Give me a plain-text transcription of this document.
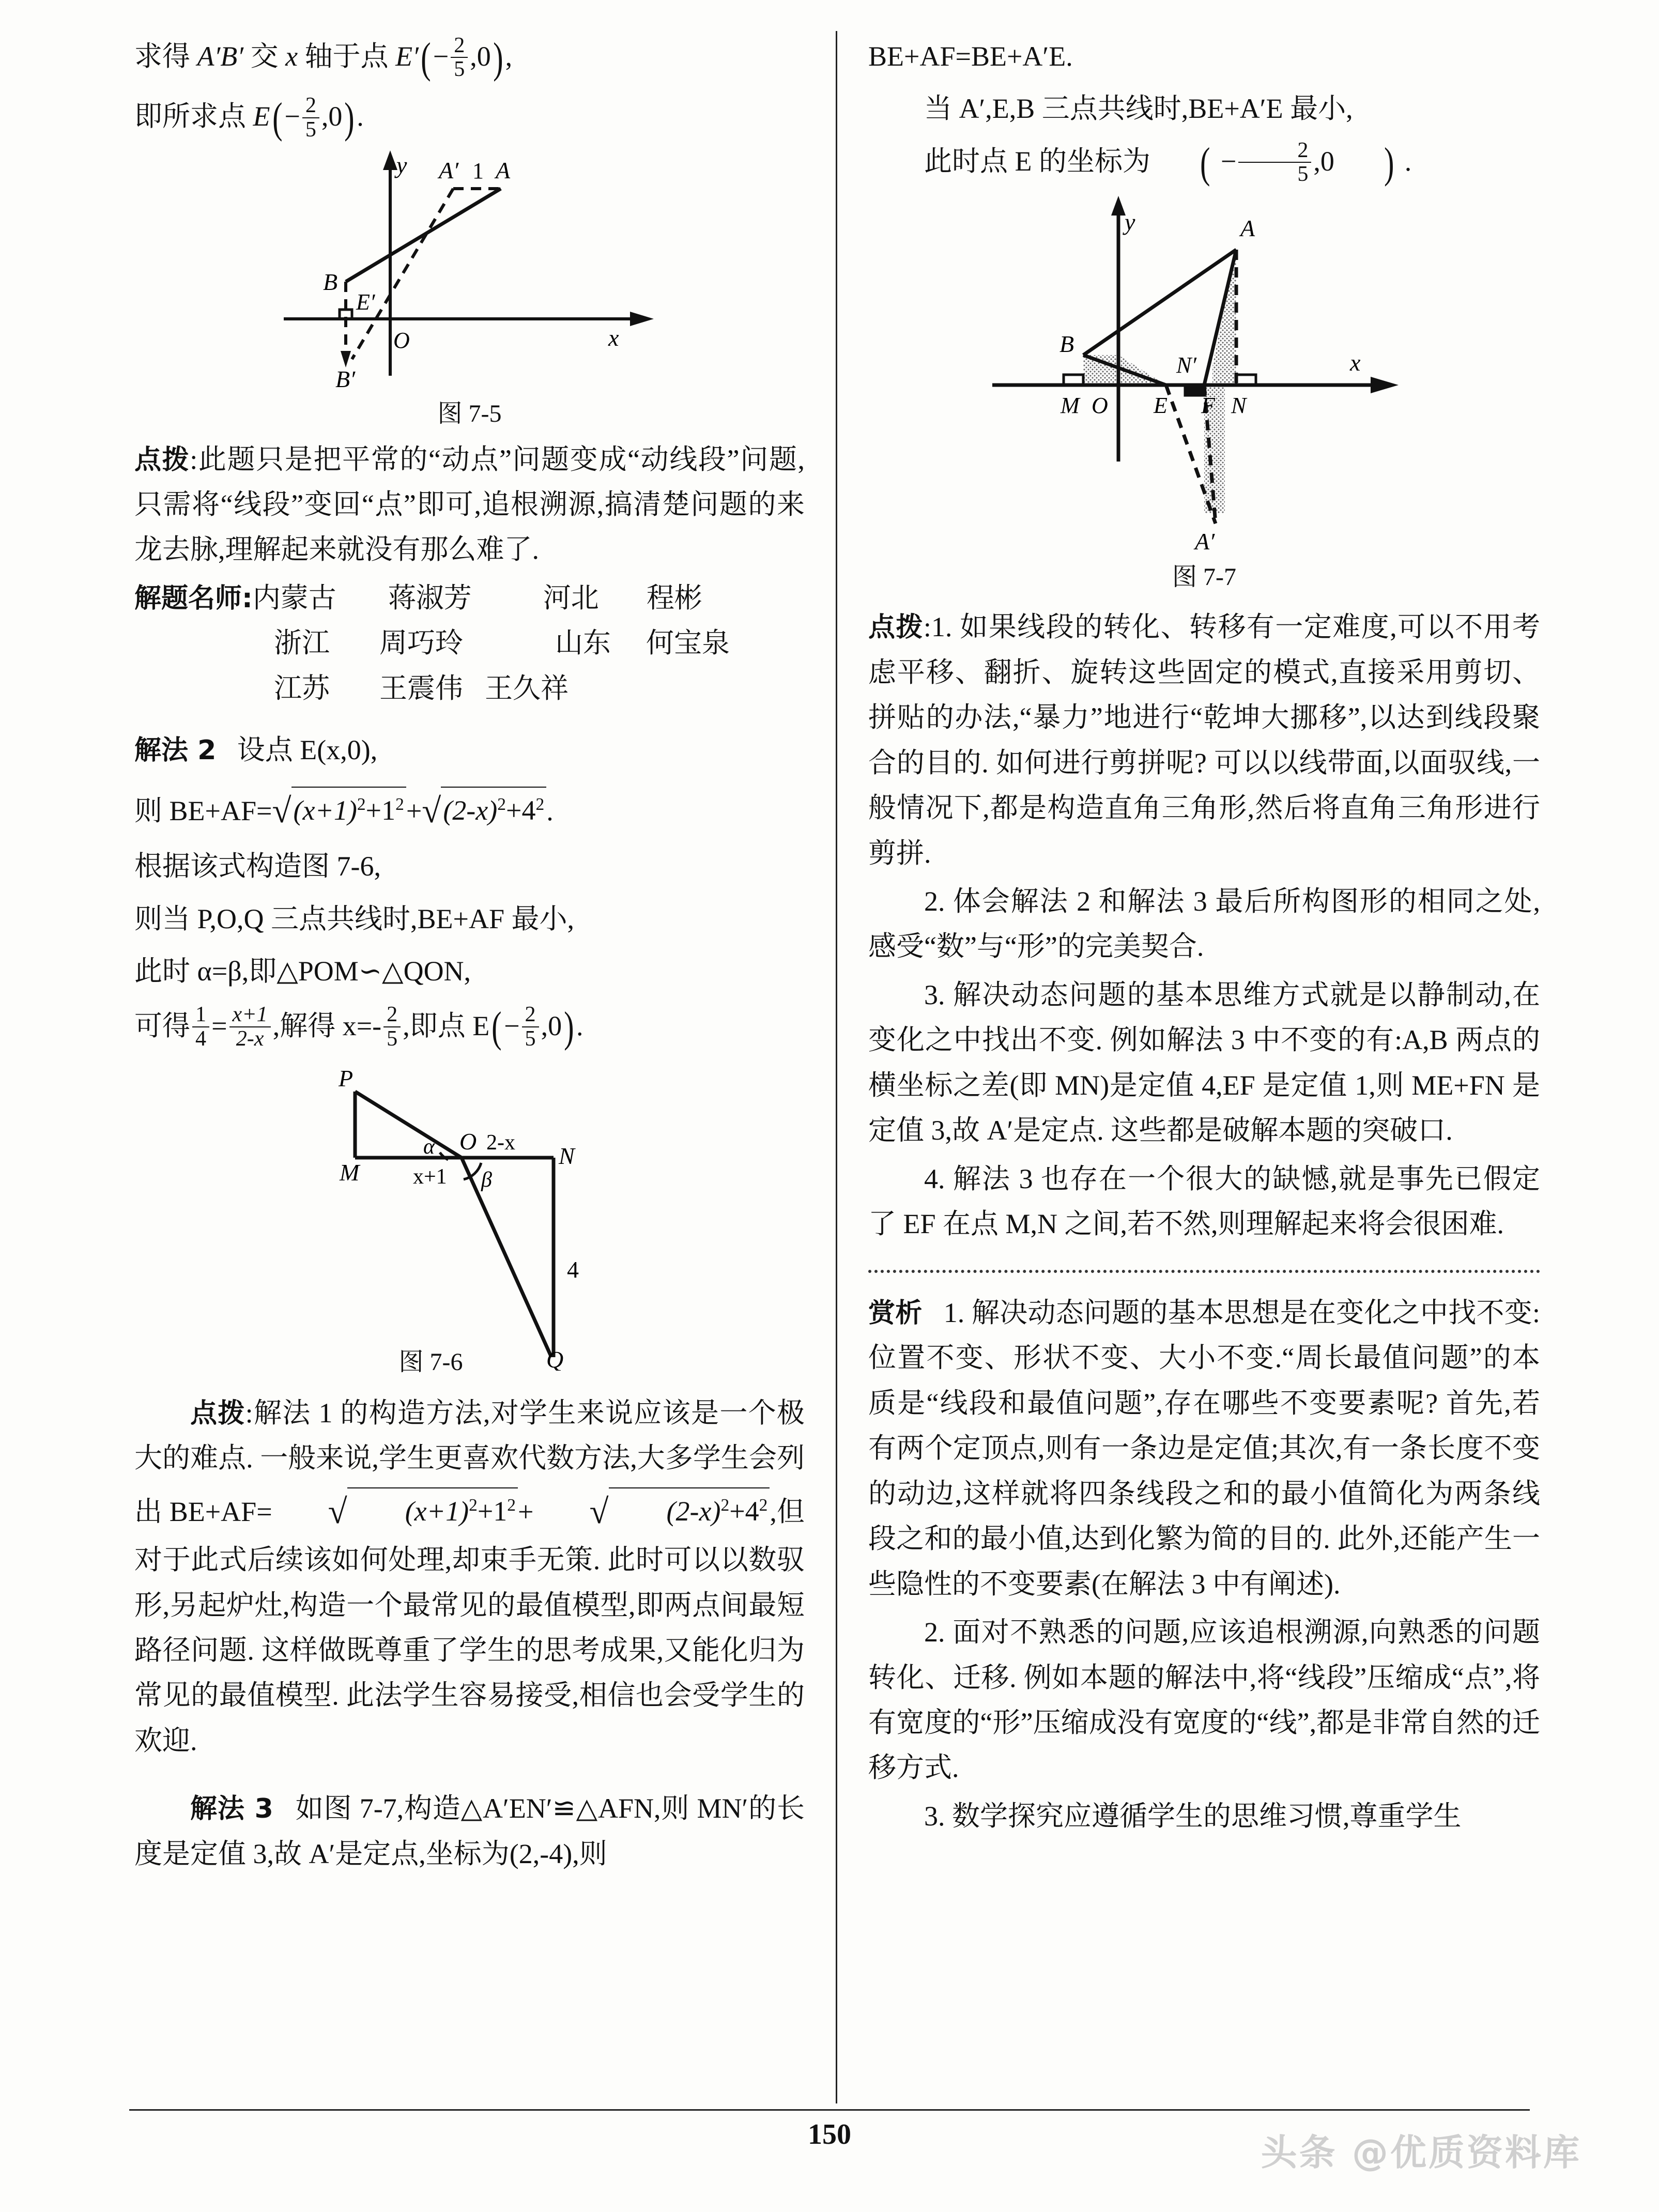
求得 A′B′ 交 x 轴于点 $E'(- \frac{2}{5} ,0)$,
即所求点 $E(- \frac{2}{5} ,0)$.
y
x
O
A
A′ 1
B
B′
E′
图 7-5
点拨:此题只是把平常的“动点”问题变成“动线段”问题,只需将“线段”变回“点”即可,追根溯源,搞清楚问题的来龙去脉,理解起来就没有那么难了.
解题名师:内蒙古 蒋淑芳	河北 程彬
浙江 周巧玲	山东 何宝泉
江苏 王震伟 王久祥
解法 2 设点 E(x,0),
则 $BE+AF=√(x+1)^2+1^2+√(2-x)^2+4^2$.
根据该式构造图 7-6,
则当 P,O,Q 三点共线时,BE+AF 最小,
此时 α=β,即△POM∽△QON,
可得 $\frac{1}{4} = \frac{x+1}{2-x}$ ,解得 $x=- \frac{2}{5}$ ,即点 $E(- \frac{2}{5} ,0)$.
P
M
O
N
Q
α
β
x+1
2-x
4
图 7-6
点拨:解法 1 的构造方法,对学生来说应该是一个极大的难点. 一般来说,学生更喜欢代数方法,大多学生会列出 BE+AF= √ $(x+1)^2+1^2+$ √ $(2-x)^2+4^2$,但对于此式后续该如何处理,却束手无策. 此时可以以数驭形,另起炉灶,构造一个最常见的最值模型,即两点间最短路径问题. 这样做既尊重了学生的思考成果,又能化归为常见的最值模型. 此法学生容易接受,相信也会受学生的欢迎.
解法 3 如图 7-7,构造△A′EN′≌△AFN,则 MN′的长度是定值 3,故 A′是定点,坐标为(2,-4),则
BE+AF=BE+A′E.
当 A′,E,B 三点共线时,BE+A′E 最小,
此时点 E 的坐标为 ( − $\frac{2}{5} ,0$ ) .
y
x
A
A′
B
M O E F N
N′
图 7-7
点拨:1. 如果线段的转化、转移有一定难度,可以不用考虑平移、翻折、旋转这些固定的模式,直接采用剪切、拼贴的办法,“暴力”地进行“乾坤大挪移”,以达到线段聚合的目的. 如何进行剪拼呢? 可以以线带面,以面驭线,一般情况下,都是构造直角三角形,然后将直角三角形进行剪拼.
2. 体会解法 2 和解法 3 最后所构图形的相同之处,感受“数”与“形”的完美契合.
3. 解决动态问题的基本思维方式就是以静制动,在变化之中找出不变. 例如解法 3 中不变的有:A,B 两点的横坐标之差(即 MN)是定值 4,EF 是定值 1,则 ME+FN 是定值 3,故 A′是定点. 这些都是破解本题的突破口.
4. 解法 3 也存在一个很大的缺憾,就是事先已假定了 EF 在点 M,N 之间,若不然,则理解起来将会很困难.
赏析 1. 解决动态问题的基本思想是在变化之中找不变:位置不变、形状不变、大小不变.“周长最值问题”的本质是“线段和最值问题”,存在哪些不变要素呢? 首先,若有两个定顶点,则有一条边是定值;其次,有一条长度不变的动边,这样就将四条线段之和的最小值简化为两条线段之和的最小值,达到化繁为简的目的. 此外,还能产生一些隐性的不变要素(在解法 3 中有阐述).
2. 面对不熟悉的问题,应该追根溯源,向熟悉的问题转化、迁移. 例如本题的解法中,将“线段”压缩成“点”,将有宽度的“形”压缩成没有宽度的“线”,都是非常自然的迁移方式.
3. 数学探究应遵循学生的思维习惯,尊重学生
150	头条 @优质资料库
